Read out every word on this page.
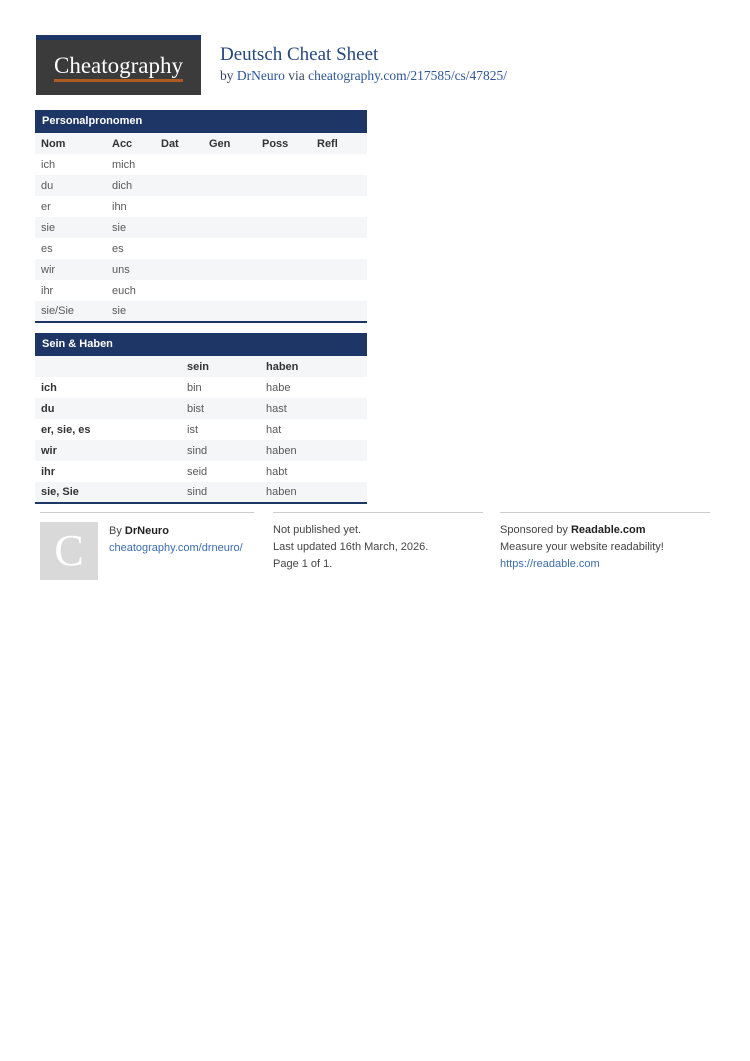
Cheatography Deutsch Cheat Sheet
by DrNeuro via cheatography.com/217585/cs/47825/
Personalpronomen
Nom	Acc	Dat	Gen	Poss	Refl
ich	mich				
du	dich				
er	ihn				
sie	sie				
es	es				
wir	uns				
ihr	euch				
sie/Sie	sie				
Sein & Haben
	sein	haben
ich	bin	habe
du	bist	hast
er, sie, es	ist	hat
wir	sind	haben
ihr	seid	habt
sie, Sie	sind	haben
C By DrNeuro
cheatography.com/drneuro/
Not published yet.
Last updated 16th March, 2026.
Page 1 of 1.
Sponsored by Readable.com
Measure your website readability!
https://readable.com
